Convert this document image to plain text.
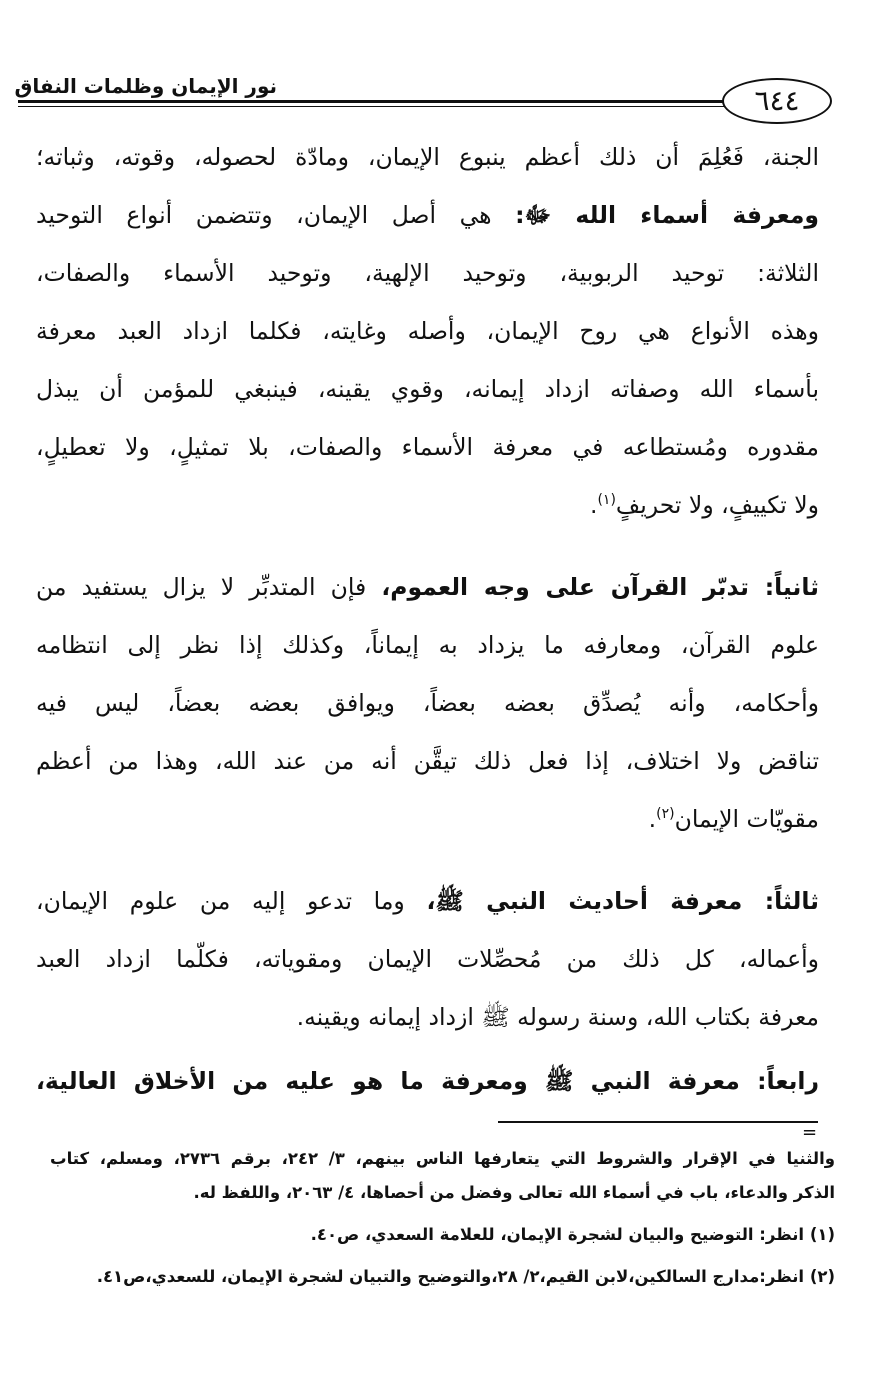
نور الإيمان وظلمات النفاق	٦٤٤
الجنة، فَعُلِمَ أن ذلك أعظم ينبوع الإيمان، ومادّة لحصوله، وقوته، وثباته؛
ومعرفة أسماء الله ﷻ: هي أصل الإيمان، وتتضمن أنواع التوحيد
الثلاثة: توحيد الربوبية، وتوحيد الإلهية، وتوحيد الأسماء والصفات،
وهذه الأنواع هي روح الإيمان، وأصله وغايته، فكلما ازداد العبد معرفة
بأسماء الله وصفاته ازداد إيمانه، وقوي يقينه، فينبغي للمؤمن أن يبذل
مقدوره ومُستطاعه في معرفة الأسماء والصفات، بلا تمثيلٍ، ولا تعطيلٍ،
ولا تكييفٍ، ولا تحريفٍ$^{(١)}$.
ثانياً: تدبّر القرآن على وجه العموم، فإن المتدبِّر لا يزال يستفيد من
علوم القرآن، ومعارفه ما يزداد به إيماناً، وكذلك إذا نظر إلى انتظامه
وأحكامه، وأنه يُصدِّق بعضه بعضاً، ويوافق بعضه بعضاً، ليس فيه
تناقض ولا اختلاف، إذا فعل ذلك تيقَّن أنه من عند الله، وهذا من أعظم
مقويّات الإيمان$^{(٢)}$.
ثالثاً: معرفة أحاديث النبي ﷺ، وما تدعو إليه من علوم الإيمان،
وأعماله، كل ذلك من مُحصِّلات الإيمان ومقوياته، فكلّما ازداد العبد
معرفة بكتاب الله، وسنة رسوله ﷺ ازداد إيمانه ويقينه.
رابعاً: معرفة النبي ﷺ ومعرفة ما هو عليه من الأخلاق العالية،
=
والثنيا في الإقرار والشروط التي يتعارفها الناس بينهم، ٣/ ٢٤٢، برقم ٢٧٣٦، ومسلم، كتاب
الذكر والدعاء، باب في أسماء الله تعالى وفضل من أحصاها، ٤/ ٢٠٦٣، واللفظ له.
(١) انظر: التوضيح والبيان لشجرة الإيمان، للعلامة السعدي، ص٤٠.
(٢) انظر:مدارج السالكين،لابن القيم،٢/ ٢٨،والتوضيح والتبيان لشجرة الإيمان، للسعدي،ص٤١.
